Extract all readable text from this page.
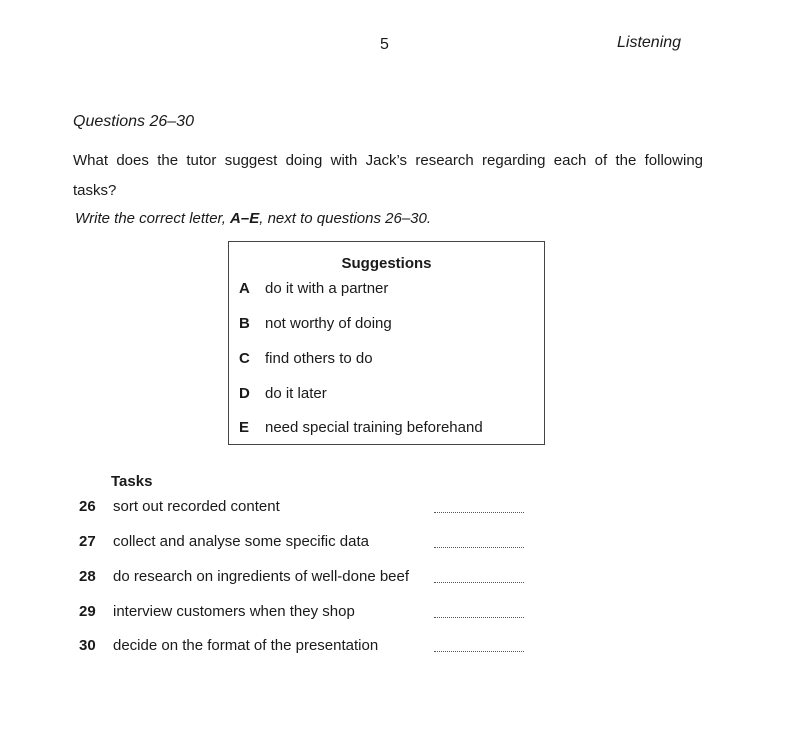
5	Listening
Questions 26–30
What does the tutor suggest doing with Jack’s research regarding each of the following tasks?
Write the correct letter, A–E, next to questions 26–30.
Suggestions
A do it with a partner
B not worthy of doing
C find others to do
D do it later
E need special training beforehand
Tasks
26 sort out recorded content
27 collect and analyse some specific data
28 do research on ingredients of well-done beef
29 interview customers when they shop
30 decide on the format of the presentation
